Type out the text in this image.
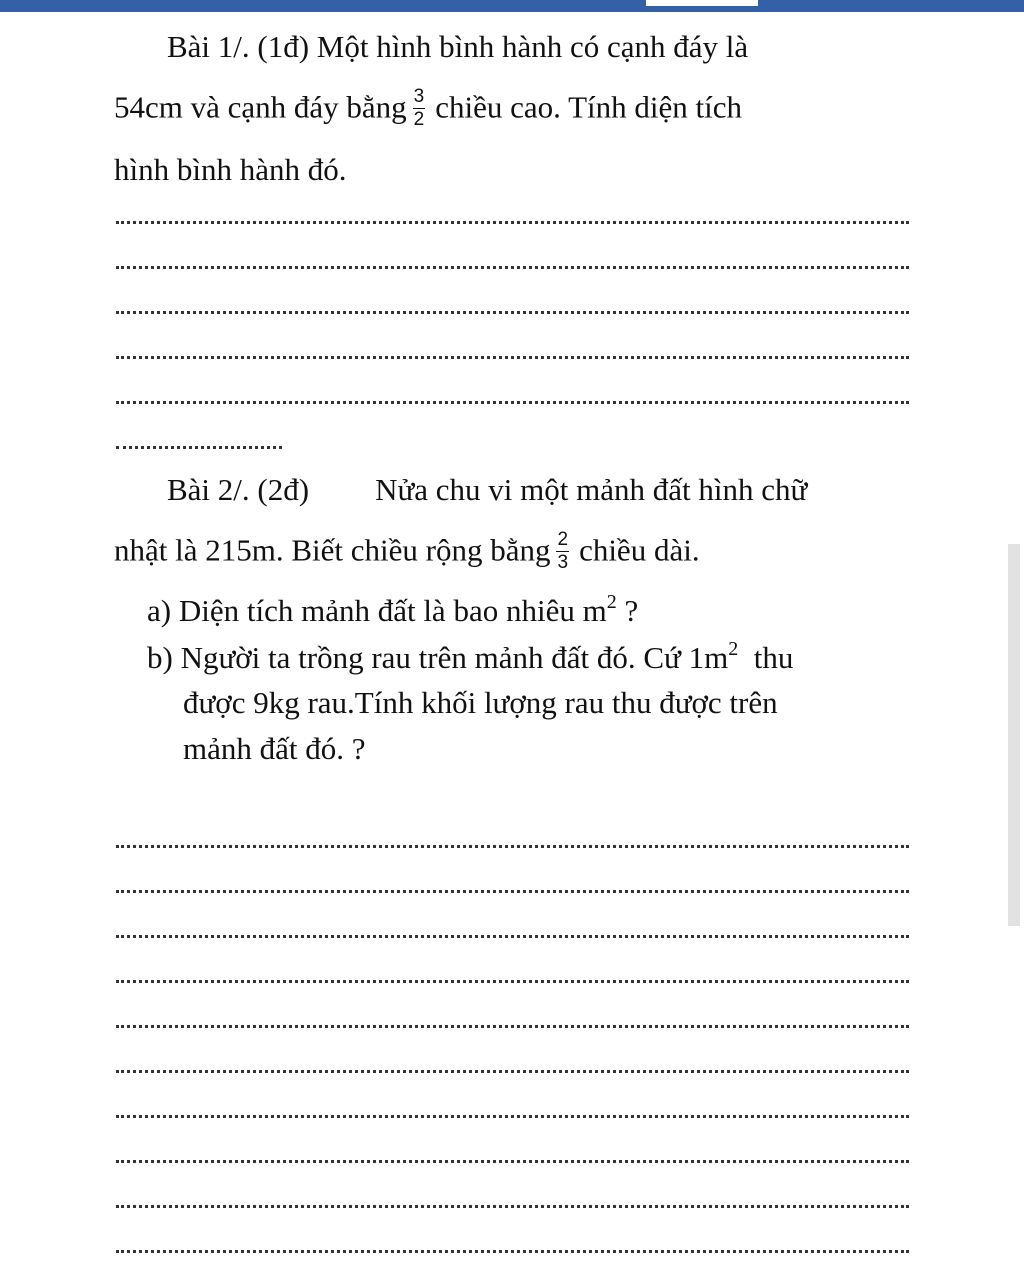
Bài 1/. (1đ) Một hình bình hành có cạnh đáy là
54cm và cạnh đáy bằng $\frac{3}{2}$ chiều cao. Tính diện tích
hình bình hành đó.
Bài 2/. (2đ) Nửa chu vi một mảnh đất hình chữ
nhật là 215m. Biết chiều rộng bằng $\frac{2}{3}$ chiều dài.
a) Diện tích mảnh đất là bao nhiêu $m^2$ ?
b) Người ta trồng rau trên mảnh đất đó. Cứ $1m^2$ thu
được 9kg rau.Tính khối lượng rau thu được trên
mảnh đất đó. ?
